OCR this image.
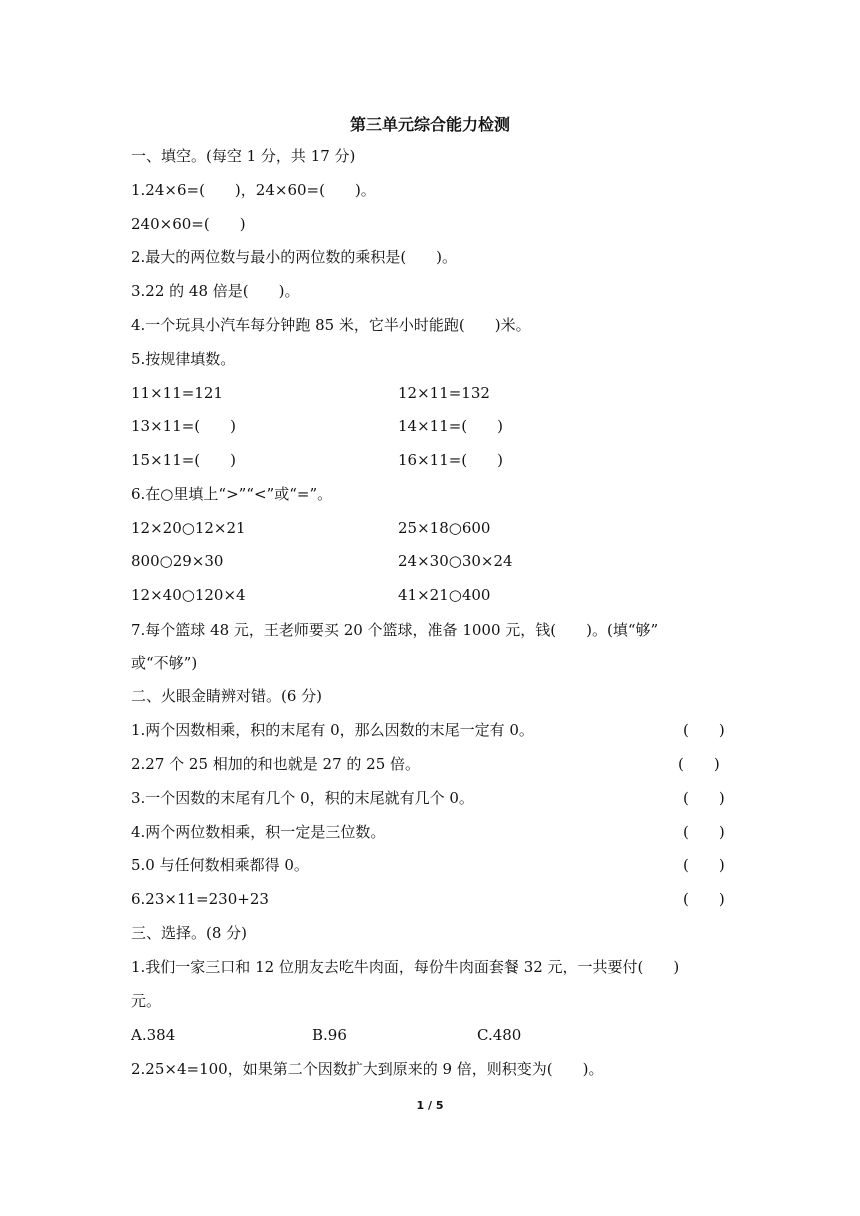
第三单元综合能力检测
一、填空。(每空 1 分，共 17 分)
1.24×6=(　　)，24×60=(　　)。
240×60=(　　)
2.最大的两位数与最小的两位数的乘积是(　　)。
3.22 的 48 倍是(　　)。
4.一个玩具小汽车每分钟跑 85 米，它半小时能跑(　　)米。
5.按规律填数。
11×11=121	12×11=132
13×11=(　　)	14×11=(　　)
15×11=(　　)	16×11=(　　)
6.在○里填上“>”“<”或“=”。
12×20○12×21	25×18○600
800○29×30	24×30○30×24
12×40○120×4	41×21○400
7.每个篮球 48 元，王老师要买 20 个篮球，准备 1000 元，钱(　　)。(填“够”
或“不够”)
二、火眼金睛辨对错。(6 分)
1.两个因数相乘，积的末尾有 0，那么因数的末尾一定有 0。	(　　)
2.27 个 25 相加的和也就是 27 的 25 倍。	(　　)
3.一个因数的末尾有几个 0，积的末尾就有几个 0。	(　　)
4.两个两位数相乘，积一定是三位数。	(　　)
5.0 与任何数相乘都得 0。	(　　)
6.23×11=230+23	(　　)
三、选择。(8 分)
1.我们一家三口和 12 位朋友去吃牛肉面，每份牛肉面套餐 32 元，一共要付(　　)
元。
A.384	B.96	C.480
2.25×4=100，如果第二个因数扩大到原来的 9 倍，则积变为(　　)。
1 / 5
